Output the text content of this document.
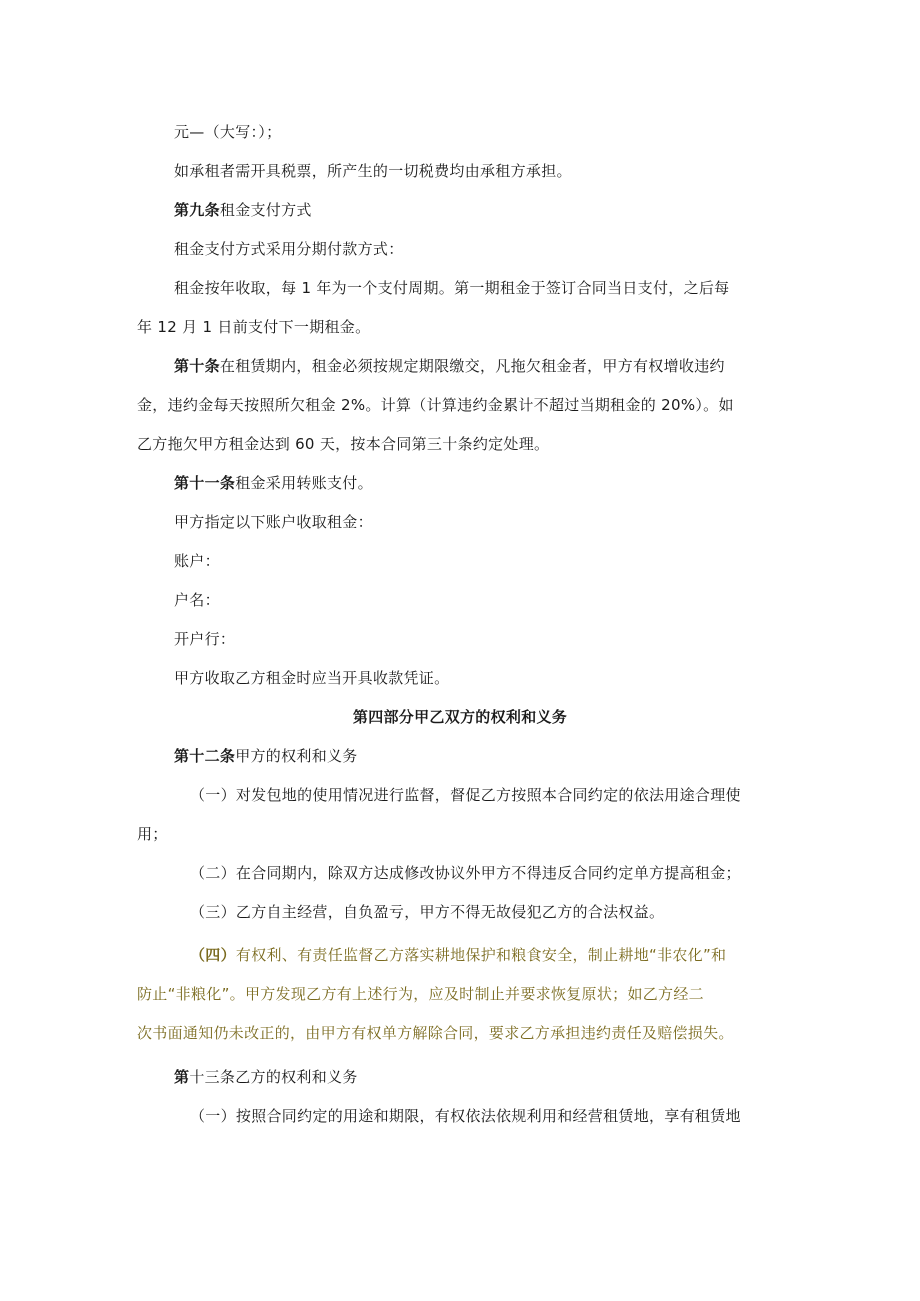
元—（大写：）；
如承租者需开具税票，所产生的一切税费均由承租方承担。
第九条租金支付方式
租金支付方式采用分期付款方式：
租金按年收取，每 1 年为一个支付周期。第一期租金于签订合同当日支付，之后每
年 12 月 1 日前支付下一期租金。
第十条在租赁期内，租金必须按规定期限缴交，凡拖欠租金者，甲方有权增收违约
金，违约金每天按照所欠租金 2%。计算（计算违约金累计不超过当期租金的 20%）。如
乙方拖欠甲方租金达到 60 天，按本合同第三十条约定处理。
第十一条租金采用转账支付。
甲方指定以下账户收取租金：
账户：
户名：
开户行：
甲方收取乙方租金时应当开具收款凭证。
第四部分甲乙双方的权利和义务
第十二条甲方的权利和义务
（一）对发包地的使用情况进行监督，督促乙方按照本合同约定的依法用途合理使
用；
（二）在合同期内，除双方达成修改协议外甲方不得违反合同约定单方提高租金；
（三）乙方自主经营，自负盈亏，甲方不得无故侵犯乙方的合法权益。
（四）有权利、有责任监督乙方落实耕地保护和粮食安全，制止耕地“非农化”和
防止“非粮化”。甲方发现乙方有上述行为，应及时制止并要求恢复原状；如乙方经二
次书面通知仍未改正的，由甲方有权单方解除合同，要求乙方承担违约责任及赔偿损失。
第十三条乙方的权利和义务
（一）按照合同约定的用途和期限，有权依法依规利用和经营租赁地，享有租赁地
